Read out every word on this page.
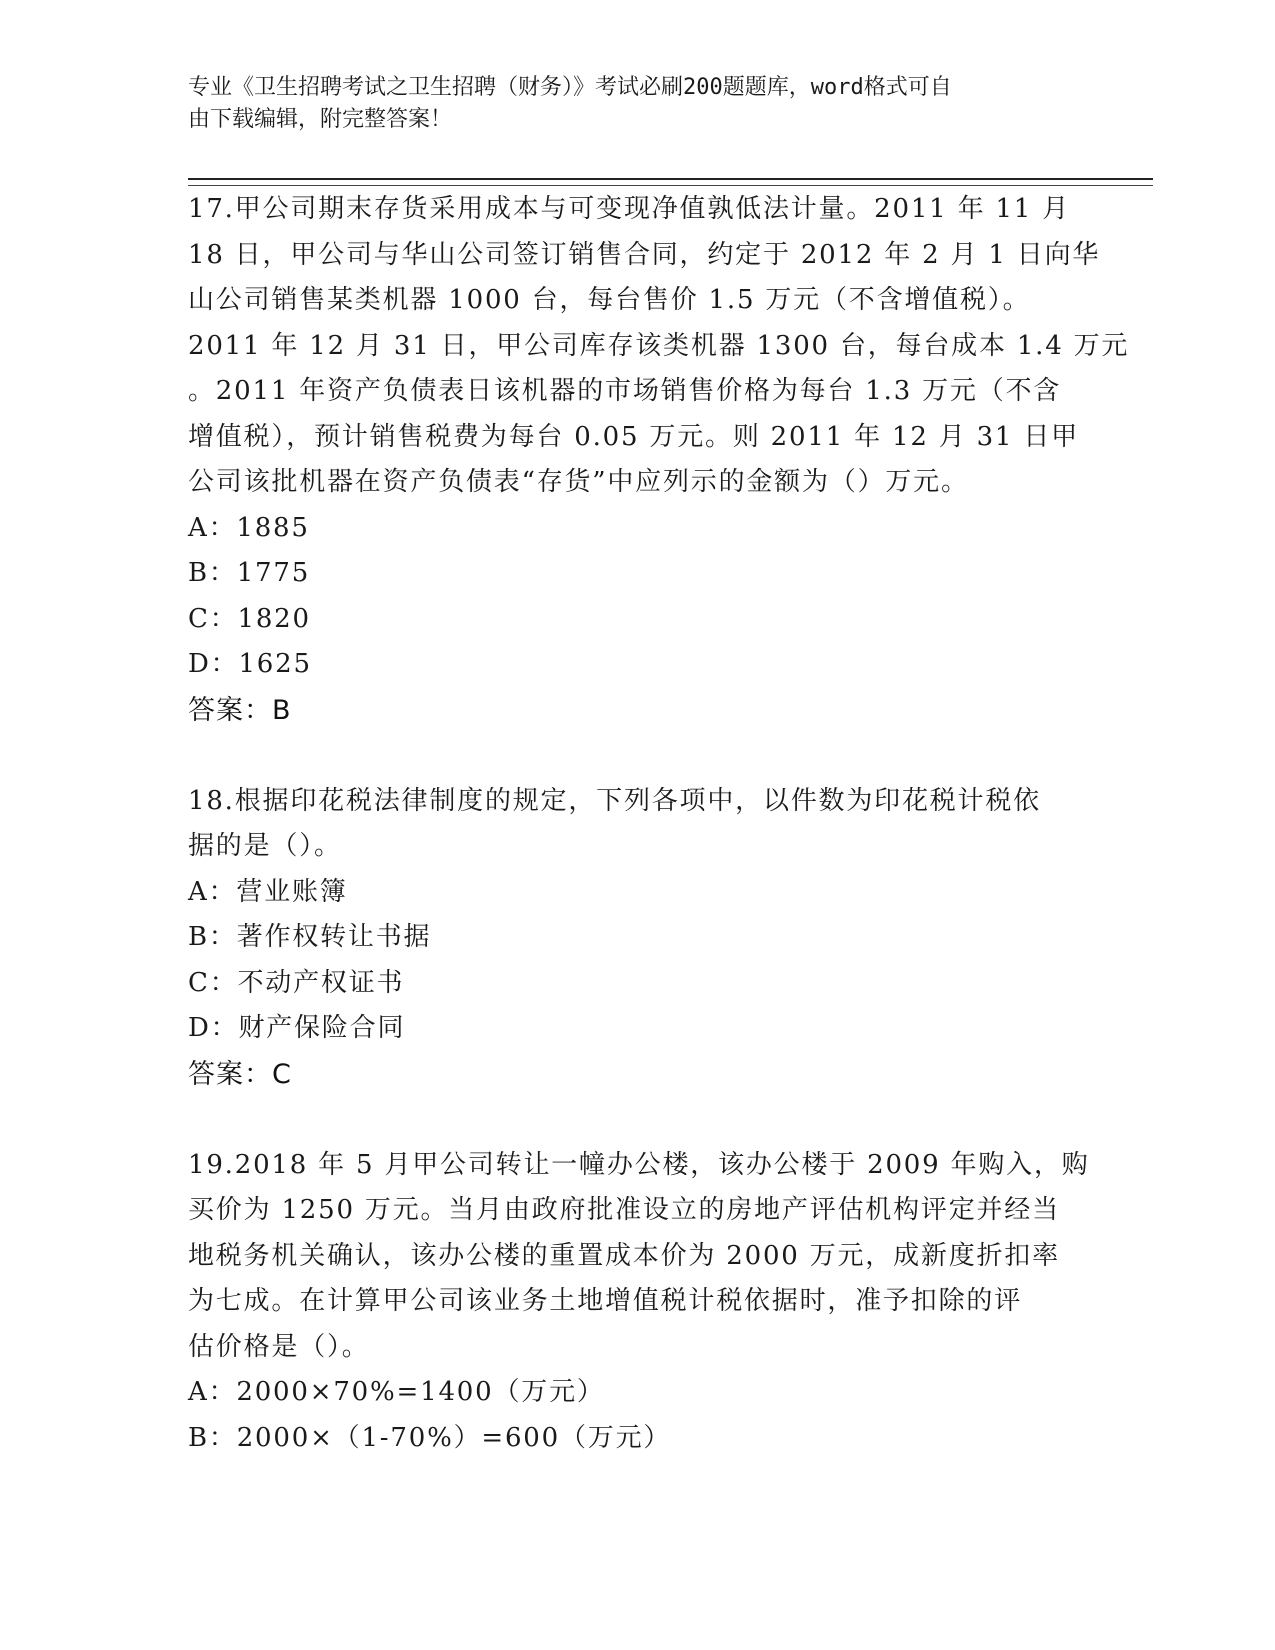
专业《卫生招聘考试之卫生招聘（财务）》考试必刷200题题库，word格式可自

由下载编辑，附完整答案！

17.甲公司期末存货采用成本与可变现净值孰低法计量。2011 年 11 月
18 日，甲公司与华山公司签订销售合同，约定于 2012 年 2 月 1 日向华
山公司销售某类机器 1000 台，每台售价 1.5 万元（不含增值税）。
2011 年 12 月 31 日，甲公司库存该类机器 1300 台，每台成本 1.4 万元
。2011 年资产负债表日该机器的市场销售价格为每台 1.3 万元（不含
增值税），预计销售税费为每台 0.05 万元。则 2011 年 12 月 31 日甲
公司该批机器在资产负债表“存货”中应列示的金额为（）万元。
A：1885
B：1775
C：1820
D：1625
答案：B
18.根据印花税法律制度的规定，下列各项中，以件数为印花税计税依
据的是（）。
A：营业账簿
B：著作权转让书据
C：不动产权证书
D：财产保险合同
答案：C
19.2018 年 5 月甲公司转让一幢办公楼，该办公楼于 2009 年购入，购
买价为 1250 万元。当月由政府批准设立的房地产评估机构评定并经当
地税务机关确认，该办公楼的重置成本价为 2000 万元，成新度折扣率
为七成。在计算甲公司该业务土地增值税计税依据时，准予扣除的评
估价格是（）。
A：2000×70%=1400（万元）
B：2000×（1-70%）=600（万元）
